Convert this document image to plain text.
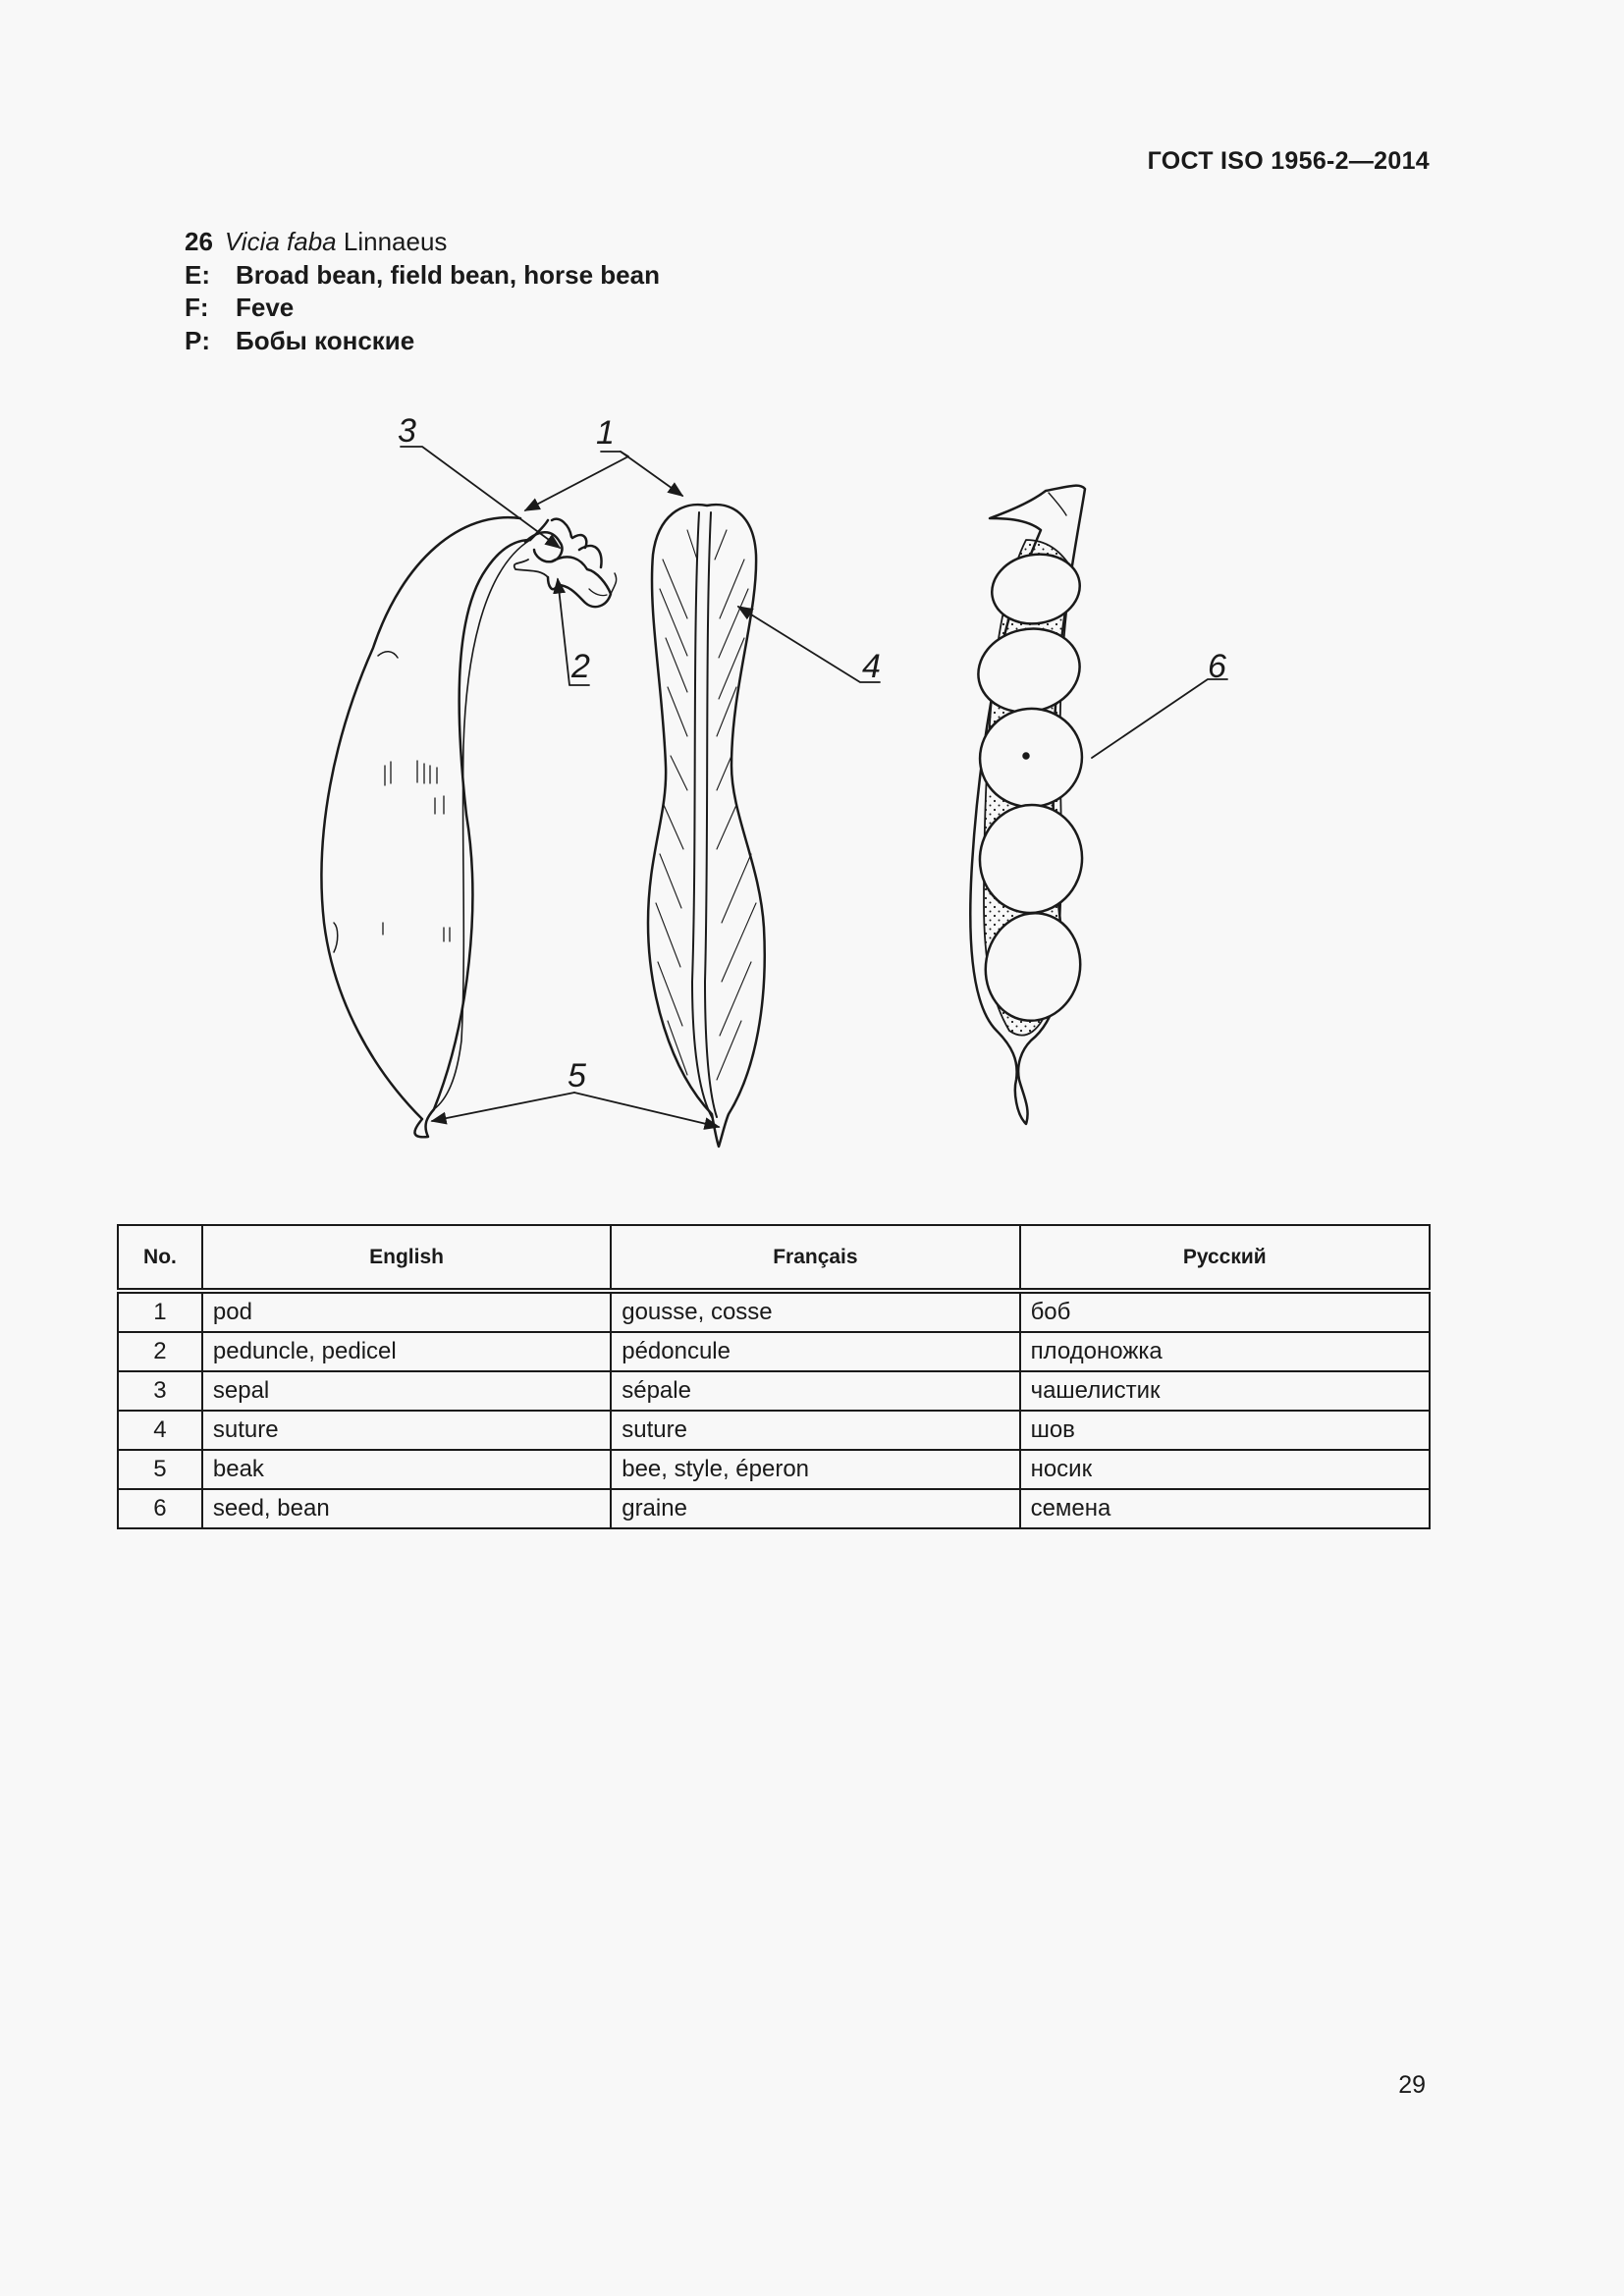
ГОСТ ISO 1956-2—2014
26 Vicia faba Linnaeus
E: Broad bean, field bean, horse bean
F: Feve
P: Бобы конские
3	1
2	4	6
5
No.	English	Français	Русский
1	pod	gousse, cosse	боб
2	peduncle, pedicel	pédoncule	плодоножка
3	sepal	sépale	чашелистик
4	suture	suture	шов
5	beak	bee, style, éperon	носик
6	seed, bean	graine	семена
29
